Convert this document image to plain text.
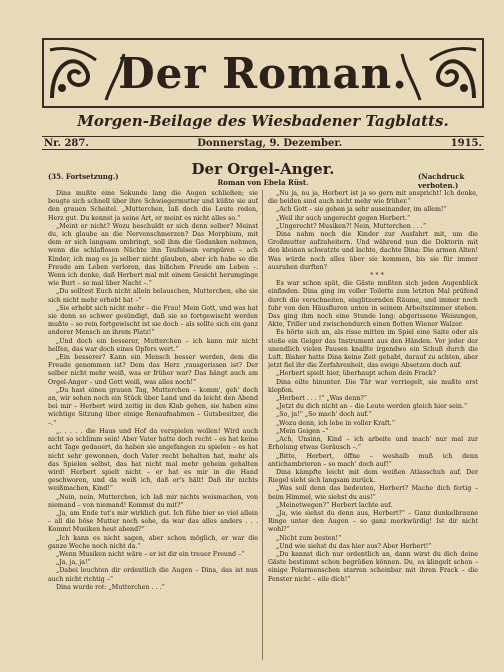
Der Roman.
Morgen-Beilage des Wiesbadener Tagblatts.
Nr. 287.	Donnerstag, 9. Dezember.	1915.
(35. Fortsetzung.)	(Nachdruck verboten.)
Der Orgel-Anger.
Roman von Ebela Rüst.

Dina mußte eine Sekunde lang die Augen schließen; sie beugte sich schnell über ihre Schwiegermutter und küßte sie auf den grauen Scheitel. „Mutterchen, laß doch die Leute reden, Herz gut. Du kennst ja seine Art, er meint es nicht alles so.“

„Meint er nicht? Wozu beschuldt er sich denn selber? Meinst du, ich glaube an die Nervenschmerzen? Das Morphium, mit dem er sich langsam umbringt, soll ihm die Gedanken nehmen, wenn die schlaflosen Nächte ihn Teufelsein verspüren – ach Kinder, ich mag es ja selber nicht glauben, aber ich habe so die Freude am Leben verloren, das bißchen Freude am Leben –. Wenn ich denke, daß Herbert mal mit einem Gesicht herumginge wie Burt – so mal über Nacht –.“

„Du solltest Euch nicht allein belauschen, Mutterchen, ehe sie sich nicht mehr erhebt hat –“

„Sie erhebt sich nicht mehr – die Frau! Mein Gott, und was hat sie denn so schwer gesündigt, daß sie so fortgewischt werden mußte – so rein fortgewischt ist sie doch – als sollte sich ein ganz anderer Mensch an ihrem Platz!“

„Und doch ein besserer, Mutterchen – ich kann mir nicht helfen, das war doch eines Opfers wert.“

„Ein besserer? Kann ein Mensch besser werden, dem die Freude genommen ist? Dem das Herz ‚rausgerissen ist? Der selber nicht mehr weiß, was er früher war? Das hängt auch am Orgel-Anger – und Gott weiß, was alles noch!“

„Du hast einen grauen Tag, Mutterchen – komm', geh' doch an, wir sehen noch ein Stück über Land und da leicht den Abend bei mir – Herbert wird zeitig in den Klub gehen, sie haben eine wichtige Sitzung über einige Renaufnahmen – Gutsbesitzer, die –.“

„. . . . . die Haus und Hof da verspielen wollen! Wird auch nicht so schlimm sein! Aber Vater hatte doch recht – es hat keine acht Tage gedauert, da haben sie angefangen zu spielen – es hat nicht sehr gewonnen, doch Vater recht behalten hat, mehr als das Spielen selbst, das hat nicht mal mehr geheim gehalten wird! Herbert spielt nicht – er hat es mir in die Hand geschworen, und da weiß ich, daß er's hält! Daß ihr nichts weißmachen, Kind!“

„Nein, nein, Mutterchen, ich laß mir nichts weismachen, von niemand – von niemand! Kommst du mit?“

„Ja, am Ende tut's mir wirklich gut. Ich fühe hier so viel allein – all die böse Mutter noch sehe, da war das alles anders . . . Kommt Musiken heut abend?“

„Ich kann es nicht sagen, aber schon möglich, er war die ganze Woche noch nicht da.“

„Wenn Musiken nicht wäre – er ist dir ein treuer Freund –“

„Ja, ja, ja!“

„Dabei leuchten dir ordentlich die Augen – Dina, das ist nun auch nicht richtig –“

Dina wurde rot: „Mutterchen . . .“

„Nu ja, nu ja, Herbert ist ja so gern mit anspricht! Ich denke, die beiden sind auch nicht mehr wie früher.“

„Ach Gott – sie gehen ja sehr auseinander, im allem!“

„Weil ihr auch ungerecht gegen Herbert.“

„Ungerecht? Musiken?! Nein, Mutterchen . . .“

Dina nahm noch die Kinder zur Ausfahrt mit, um die Großmutter aufzuheitern. Und während nun die Doktorin mit den kleinen schwatzte und lachte, dachte Dina: Die armen Alten! Was würde noch alles über sie kommen, bis sie für immer ausruhen durften?

* * *

Es war schon spät, die Gäste mußten sich jeden Augenblick einfinden. Dina ging im voller Toilette zum letzten Mal prüfend durch die verschneiten, eisglitzernden Räume, und immer noch fuhr von den Häusfluren unten in seinem Arbeitszimmer stehen. Das ging ihm noch eine Stunde lang: abgerissene Weisungen, Akte, Triller und zwischendurch einen flotten Wiener Walzer.

Es hörte sich an, als risse mitten im Spiel eine Saite oder als stoße ein Geiger das Instrument aus den Händen. Vor jeder der unendlich vielen Pausen knallte irgendwo ein Schuß durch die Luft. Bisher hatte Dina keine Zeit gehabt, darauf zu achten, aber jetzt fiel ihr die Zerfahrenheit, das ewige Absetzen doch auf.

„Herbert spielt hier, überhaupt schon dein Frack?

Dina eilte hinunter. Die Tür war verriegelt, sie mußte erst klopfen.

„Herbert . . . !“ „Was denn?“

„Jetzt du dich nicht an – die Leute werden gleich hier sein.“

„So, ja!“ „So mach' doch auf.“

„Wozu denn, ich lebe in voller Kraft.“

„Mein Geigen –“

„Ach, Unsinn, Kind – ich arbeite und mach' nur mal zur Erholung etwas Geräusch –.“

„Bitte, Herbert, öffne – weshalb muß ich denn antichambrieren – so mach' doch auf!“

Dina kämpfte leicht mit dem weißen Atlasschuh auf. Der Riegel sieht sich langsam zurück.

„Was soll denn das bedeuten, Herbert? Mache dich fertig – beim Himmel, wie siehst du aus!“

„Meinetwegen?“ Herbert lachte auf.

„Ja, wie siehst du denn aus, Herbert?“ – Ganz dunkelbraune Ringe unter den Augen – so ganz merkwürdig! Ist dir nicht wohl?“

„Nicht zum besten!“

„Und wie siehst du das hier aus? Aber Herbert!“

„Du kannst dich nur ordentlich an, dann wirst du dich deine Gäste bestimmt schon begrüßen können. Du, es klingelt schon – einige Polarmenschen starren scheinbar mit ihren Frack – die Fenster nicht – eile dich!“
